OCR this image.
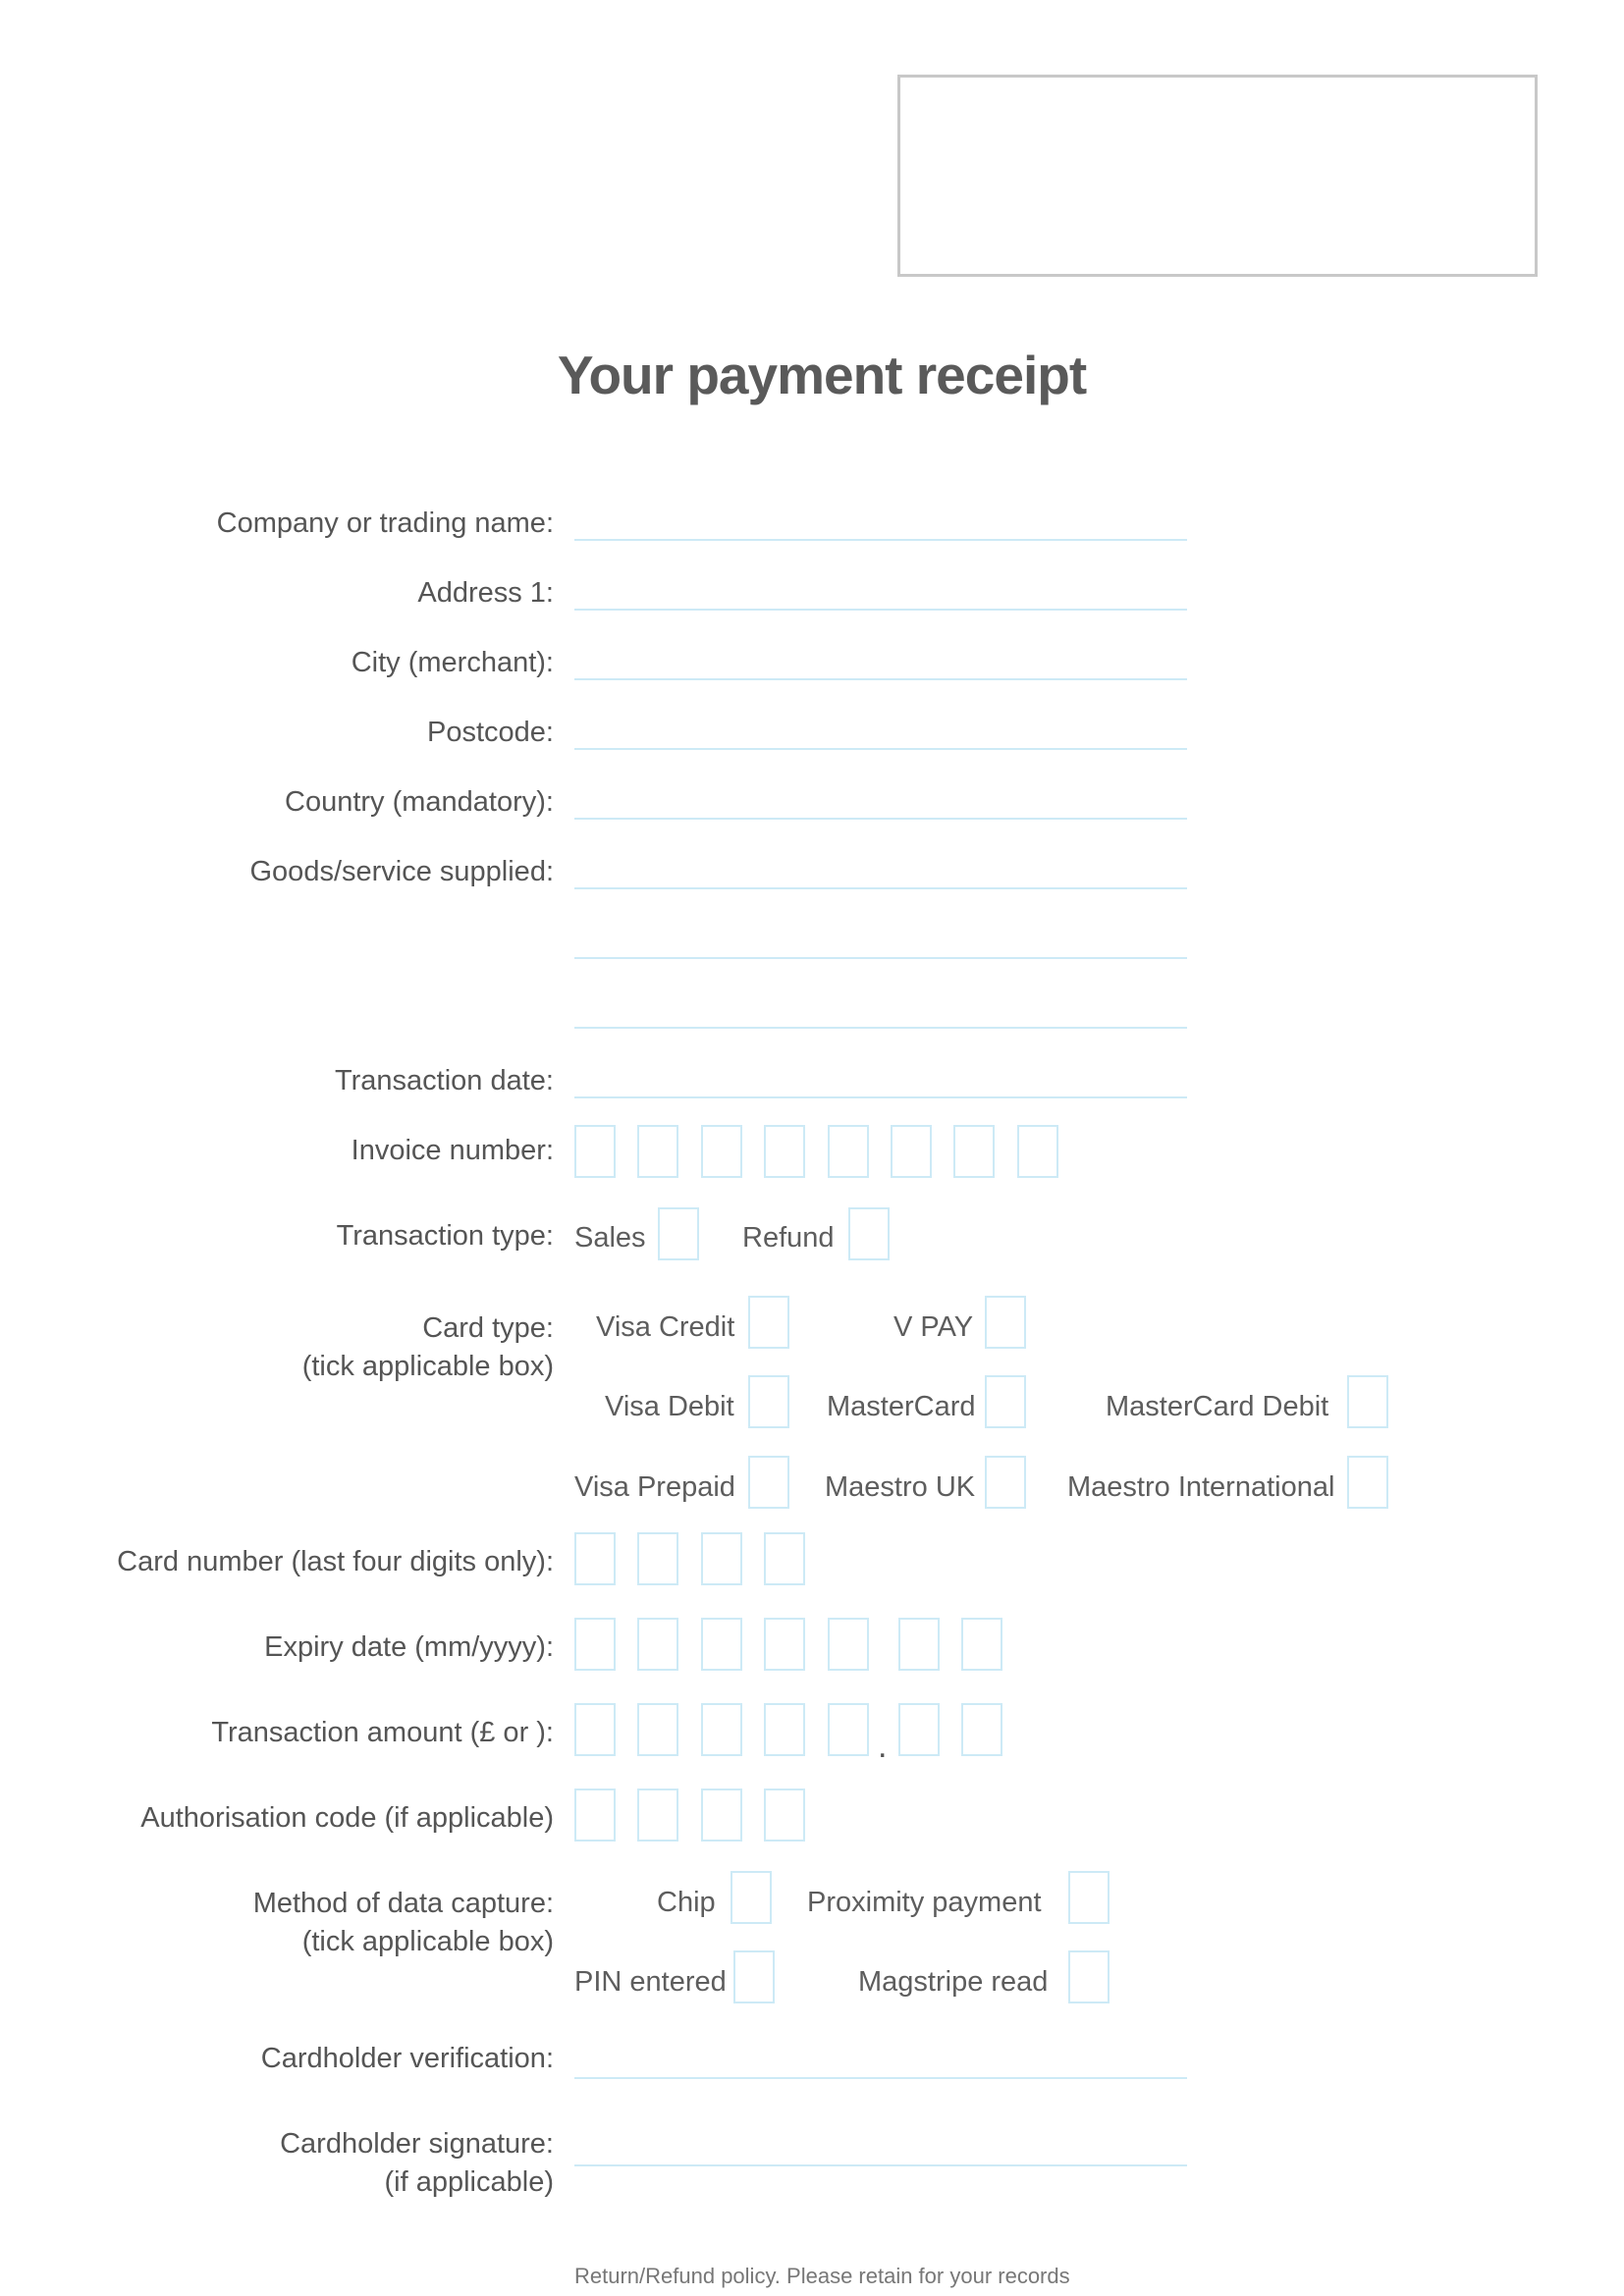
Your payment receipt
Company or trading name:
Address 1:
City (merchant):
Postcode:
Country (mandatory):
Goods/service supplied:
Transaction date:
Invoice number:
Transaction type: Sales	Refund
Card type:
(tick applicable box)
Visa Credit	V PAY
Visa Debit	MasterCard	MasterCard Debit
Visa Prepaid	Maestro UK	Maestro International
Card number (last four digits only):
Expiry date (mm/yyyy):
Transaction amount (£ or ):	.
Authorisation code (if applicable)
Method of data capture:
(tick applicable box)
Chip	Proximity payment
PIN entered	Magstripe read
Cardholder verification:
Cardholder signature:
(if applicable)
Return/Refund policy. Please retain for your records
